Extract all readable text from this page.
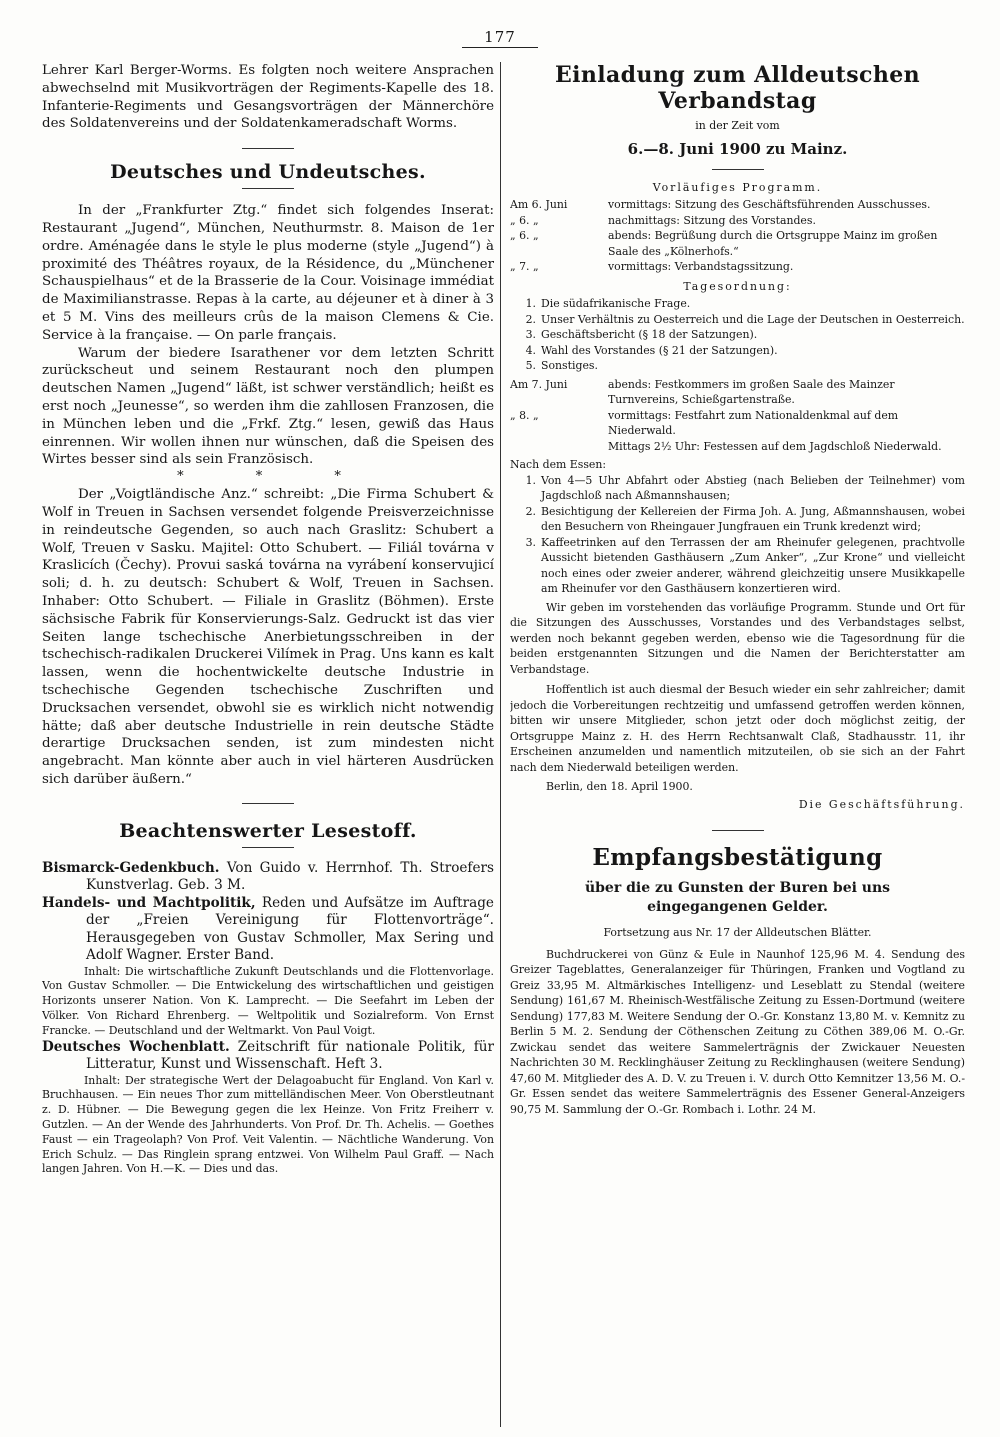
177

Lehrer Karl Berger-Worms. Es folgten noch weitere Ansprachen abwechselnd mit Musikvorträgen der Regiments-Kapelle des 18. Infanterie-Regiments und Gesangsvorträgen der Männerchöre des Soldatenvereins und der Soldatenkameradschaft Worms.

Deutsches und Undeutsches.

In der „Frankfurter Ztg.“ findet sich folgendes Inserat: Restaurant „Jugend“, München, Neuthurmstr. 8. Maison de 1er ordre. Aménagée dans le style le plus moderne (style „Jugend“) à proximité des Théâtres royaux, de la Résidence, du „Münchener Schauspielhaus“ et de la Brasserie de la Cour. Voisinage immédiat de Maximilianstrasse. Repas à la carte, au déjeuner et à diner à 3 et 5 M. Vins des meilleurs crûs de la maison Clemens & Cie. Service à la française. — On parle français.

Warum der biedere Isarathener vor dem letzten Schritt zurückscheut und seinem Restaurant noch den plumpen deutschen Namen „Jugend“ läßt, ist schwer verständlich; heißt es erst noch „Jeunesse“, so werden ihm die zahllosen Franzosen, die in München leben und die „Frkf. Ztg.“ lesen, gewiß das Haus einrennen. Wir wollen ihnen nur wünschen, daß die Speisen des Wirtes besser sind als sein Französisch.

* * *

Der „Voigtländische Anz.“ schreibt: „Die Firma Schubert & Wolf in Treuen in Sachsen versendet folgende Preisverzeichnisse in reindeutsche Gegenden, so auch nach Graslitz: Schubert a Wolf, Treuen v Sasku. Majitel: Otto Schubert. — Filiál továrna v Kraslicích (Čechy). Provui saská továrna na vyrábení konservujicí soli; d. h. zu deutsch: Schubert & Wolf, Treuen in Sachsen. Inhaber: Otto Schubert. — Filiale in Graslitz (Böhmen). Erste sächsische Fabrik für Konservierungs-Salz. Gedruckt ist das vier Seiten lange tschechische Anerbietungsschreiben in der tschechisch-radikalen Druckerei Vilímek in Prag. Uns kann es kalt lassen, wenn die hochentwickelte deutsche Industrie in tschechische Gegenden tschechische Zuschriften und Drucksachen versendet, obwohl sie es wirklich nicht notwendig hätte; daß aber deutsche Industrielle in rein deutsche Städte derartige Drucksachen senden, ist zum mindesten nicht angebracht. Man könnte aber auch in viel härteren Ausdrücken sich darüber äußern.“

Beachtenswerter Lesestoff.
Bismarck-Gedenkbuch. Von Guido v. Herrnhof. Th. Stroefers Kunstverlag. Geb. 3 M.
Handels- und Machtpolitik, Reden und Aufsätze im Auftrage der „Freien Vereinigung für Flottenvorträge“. Herausgegeben von Gustav Schmoller, Max Sering und Adolf Wagner. Erster Band.

Inhalt: Die wirtschaftliche Zukunft Deutschlands und die Flottenvorlage. Von Gustav Schmoller. — Die Entwickelung des wirtschaftlichen und geistigen Horizonts unserer Nation. Von K. Lamprecht. — Die Seefahrt im Leben der Völker. Von Richard Ehrenberg. — Weltpolitik und Sozialreform. Von Ernst Francke. — Deutschland und der Weltmarkt. Von Paul Voigt.

Deutsches Wochenblatt. Zeitschrift für nationale Politik, für Litteratur, Kunst und Wissenschaft. Heft 3.

Inhalt: Der strategische Wert der Delagoabucht für England. Von Karl v. Bruchhausen. — Ein neues Thor zum mittelländischen Meer. Von Oberstleutnant z. D. Hübner. — Die Bewegung gegen die lex Heinze. Von Fritz Freiherr v. Gutzlen. — An der Wende des Jahrhunderts. Von Prof. Dr. Th. Achelis. — Goethes Faust — ein Trageolaph? Von Prof. Veit Valentin. — Nächtliche Wanderung. Von Erich Schulz. — Das Ringlein sprang entzwei. Von Wilhelm Paul Graff. — Nach langen Jahren. Von H.—K. — Dies und das.

Einladung zum Alldeutschen Verbandstag
in der Zeit vom
6.—8. Juni 1900 zu Mainz.
Vorläufiges Programm.
Am 6. Juni	vormittags: Sitzung des Geschäftsführenden Ausschusses.
„ 6. „	nachmittags: Sitzung des Vorstandes.
„ 6. „	abends: Begrüßung durch die Ortsgruppe Mainz im großen Saale des „Kölnerhofs.“
„ 7. „	vormittags: Verbandstagssitzung.
Tagesordnung:
1. Die südafrikanische Frage.
2. Unser Verhältnis zu Oesterreich und die Lage der Deutschen in Oesterreich.
3. Geschäftsbericht (§ 18 der Satzungen).
4. Wahl des Vorstandes (§ 21 der Satzungen).
5. Sonstiges.
Am 7. Juni	abends: Festkommers im großen Saale des Mainzer Turnvereins, Schießgartenstraße.
„ 8. „	vormittags: Festfahrt zum Nationaldenkmal auf dem Niederwald.
Mittags 2½ Uhr: Festessen auf dem Jagdschloß Niederwald.
Nach dem Essen:
1. Von 4—5 Uhr Abfahrt oder Abstieg (nach Belieben der Teilnehmer) vom Jagdschloß nach Aßmannshausen;
2. Besichtigung der Kellereien der Firma Joh. A. Jung, Aßmannshausen, wobei den Besuchern von Rheingauer Jungfrauen ein Trunk kredenzt wird;
3. Kaffeetrinken auf den Terrassen der am Rheinufer gelegenen, prachtvolle Aussicht bietenden Gasthäusern „Zum Anker“, „Zur Krone“ und vielleicht noch eines oder zweier anderer, während gleichzeitig unsere Musikkapelle am Rheinufer vor den Gasthäusern konzertieren wird.

Wir geben im vorstehenden das vorläufige Programm. Stunde und Ort für die Sitzungen des Ausschusses, Vorstandes und des Verbandstages selbst, werden noch bekannt gegeben werden, ebenso wie die Tagesordnung für die beiden erstgenannten Sitzungen und die Namen der Berichterstatter am Verbandstage.

Hoffentlich ist auch diesmal der Besuch wieder ein sehr zahlreicher; damit jedoch die Vorbereitungen rechtzeitig und umfassend getroffen werden können, bitten wir unsere Mitglieder, schon jetzt oder doch möglichst zeitig, der Ortsgruppe Mainz z. H. des Herrn Rechtsanwalt Claß, Stadhausstr. 11, ihr Erscheinen anzumelden und namentlich mitzuteilen, ob sie sich an der Fahrt nach dem Niederwald beteiligen werden.

Berlin, den 18. April 1900.
Die Geschäftsführung.
Empfangsbestätigung
über die zu Gunsten der Buren bei uns eingegangenen Gelder.
Fortsetzung aus Nr. 17 der Alldeutschen Blätter.

Buchdruckerei von Günz & Eule in Naunhof 125,96 M. 4. Sendung des Greizer Tageblattes, Generalanzeiger für Thüringen, Franken und Vogtland zu Greiz 33,95 M. Altmärkisches Intelligenz- und Leseblatt zu Stendal (weitere Sendung) 161,67 M. Rheinisch-Westfälische Zeitung zu Essen-Dortmund (weitere Sendung) 177,83 M. Weitere Sendung der O.-Gr. Konstanz 13,80 M. v. Kemnitz zu Berlin 5 M. 2. Sendung der Cöthenschen Zeitung zu Cöthen 389,06 M. O.-Gr. Zwickau sendet das weitere Sammelerträgnis der Zwickauer Neuesten Nachrichten 30 M. Recklinghäuser Zeitung zu Recklinghausen (weitere Sendung) 47,60 M. Mitglieder des A. D. V. zu Treuen i. V. durch Otto Kemnitzer 13,56 M. O.-Gr. Essen sendet das weitere Sammelerträgnis des Essener General-Anzeigers 90,75 M. Sammlung der O.-Gr. Rombach i. Lothr. 24 M.
